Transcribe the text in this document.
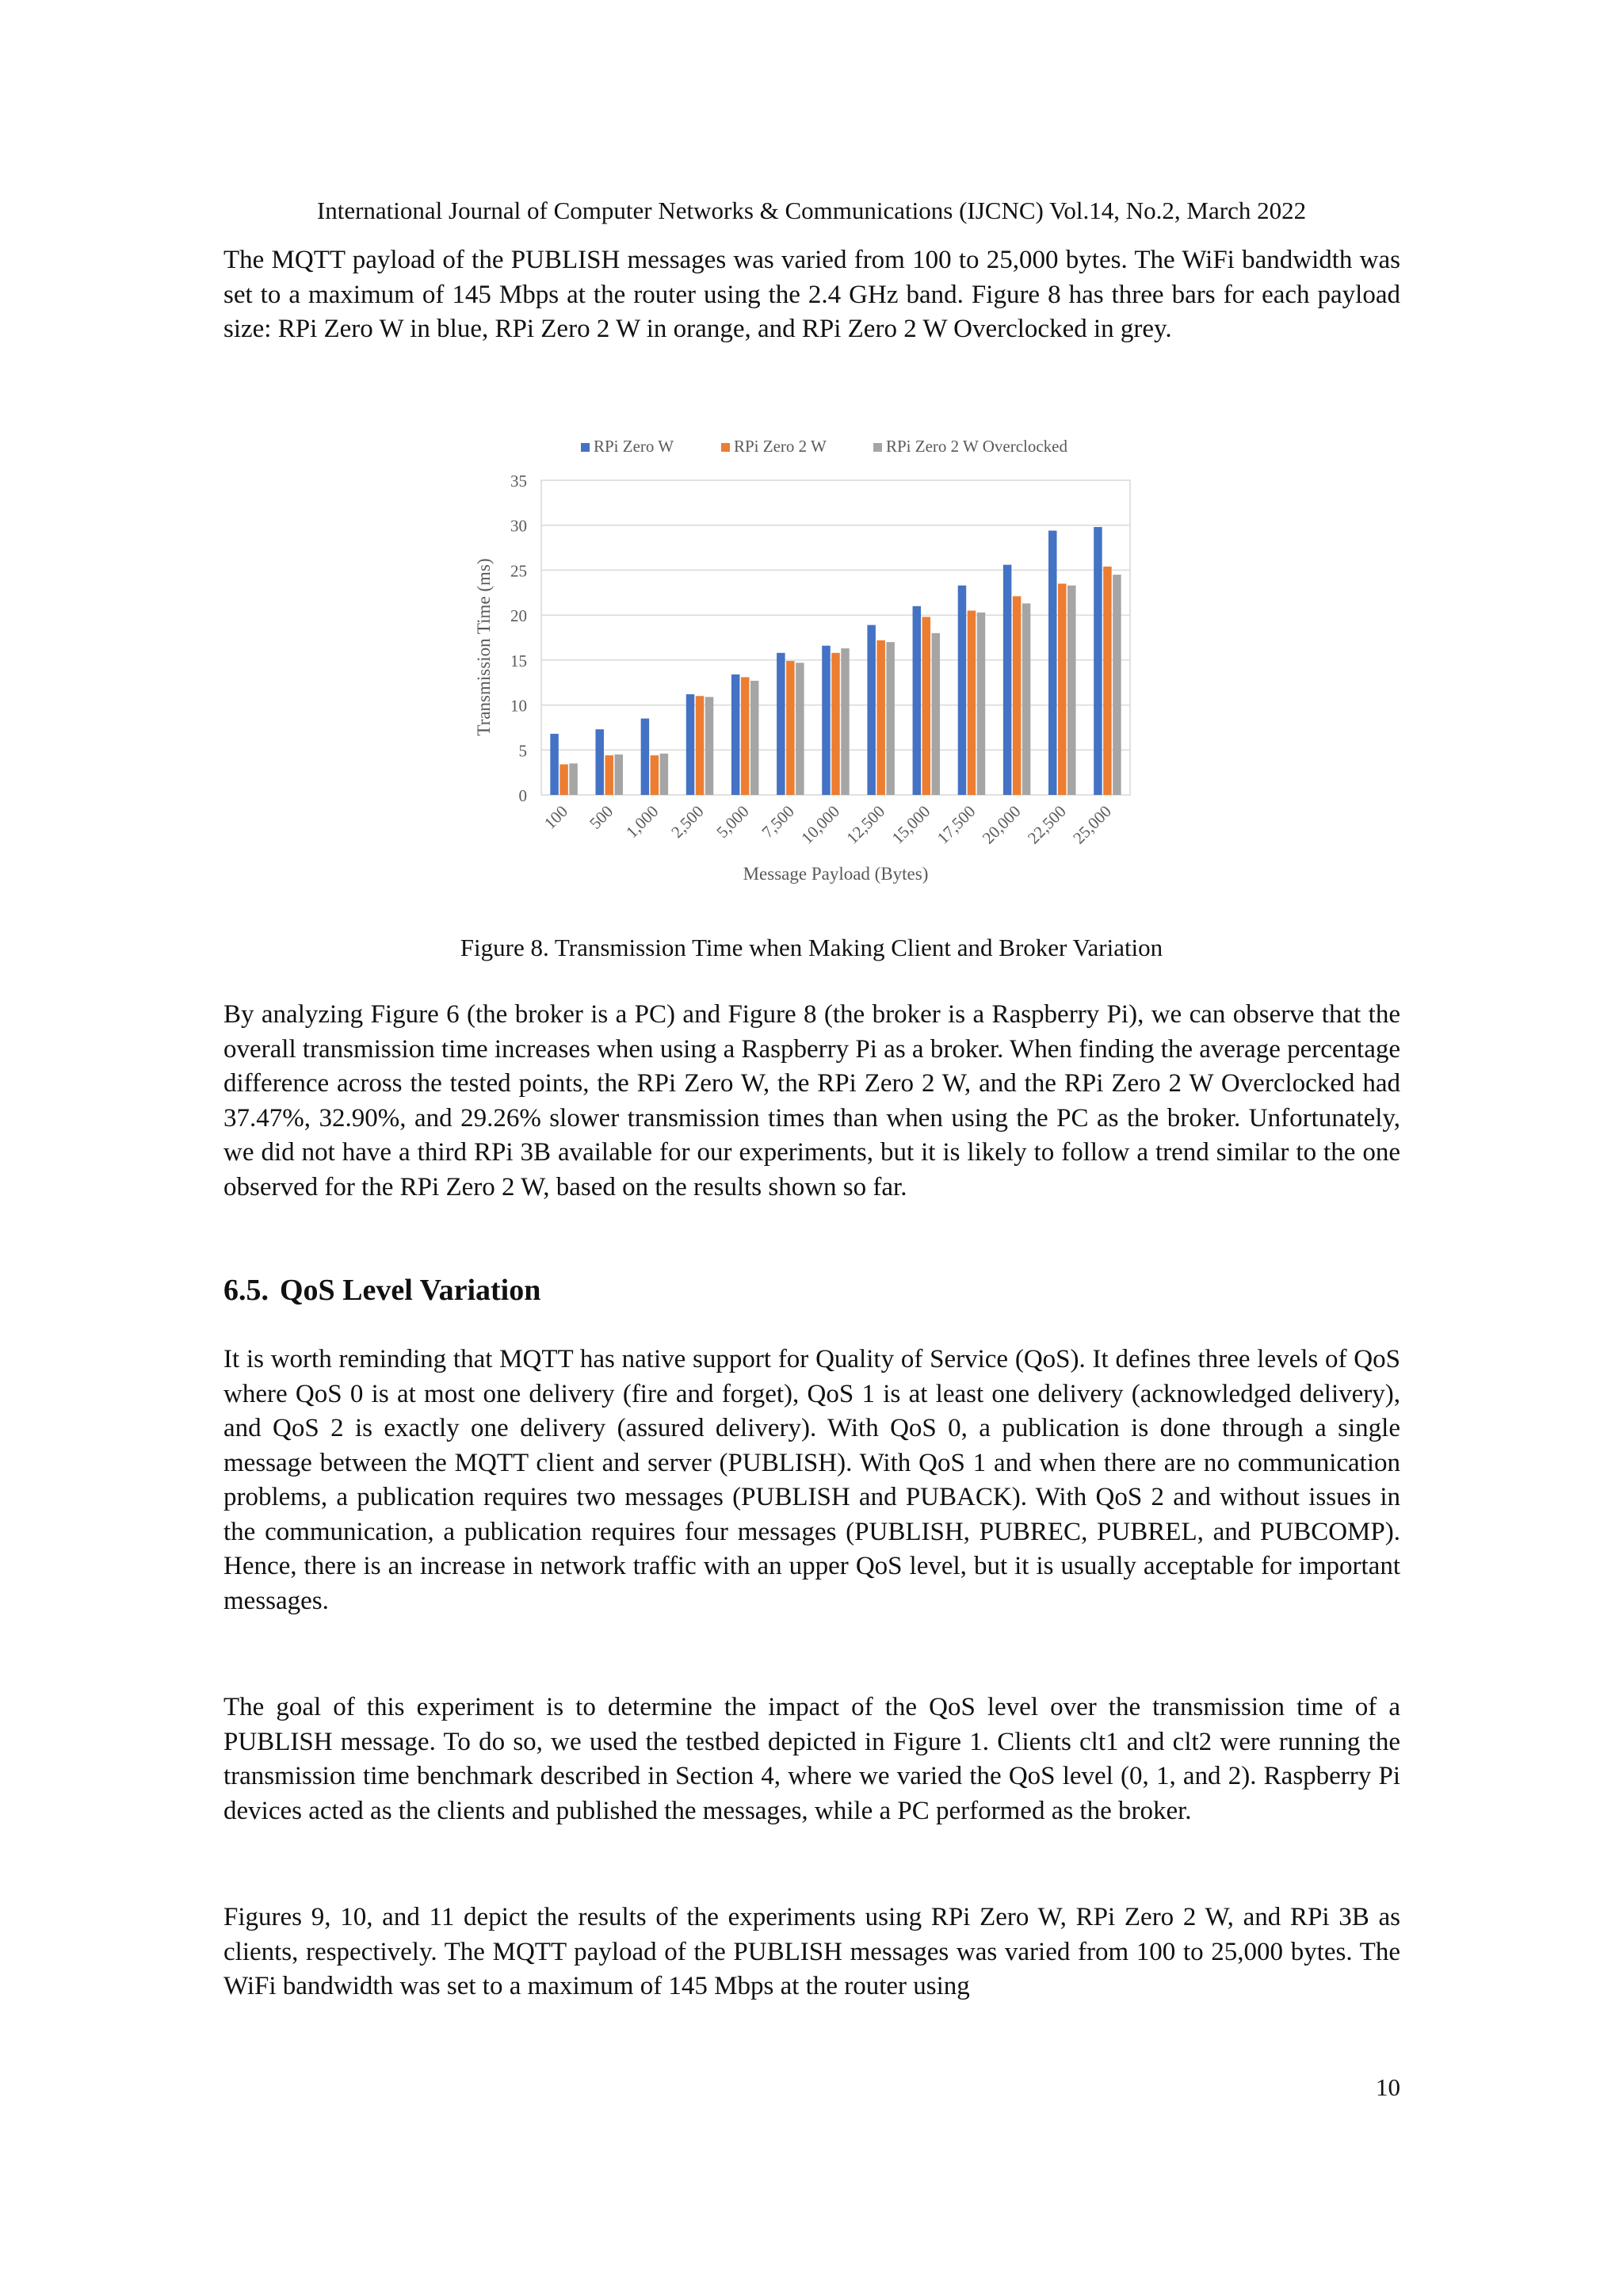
International Journal of Computer Networks & Communications (IJCNC) Vol.14, No.2, March 2022

The MQTT payload of the PUBLISH messages was varied from 100 to 25,000 bytes. The WiFi bandwidth was set to a maximum of 145 Mbps at the router using the 2.4 GHz band. Figure 8 has three bars for each payload size: RPi Zero W in blue, RPi Zero 2 W in orange, and RPi Zero 2 W Overclocked in grey.

0
5
10
15
20
25
30
35
100 500 1,000 2,500 5,000 7,500 10,000 12,500 15,000 17,500 20,000 22,500 25,000
Message Payload (Bytes)
Transmission Time (ms)
RPi Zero W	RPi Zero 2 W	RPi Zero 2 W Overclocked
Figure 8. Transmission Time when Making Client and Broker Variation

By analyzing Figure 6 (the broker is a PC) and Figure 8 (the broker is a Raspberry Pi), we can observe that the overall transmission time increases when using a Raspberry Pi as a broker. When finding the average percentage difference across the tested points, the RPi Zero W, the RPi Zero 2 W, and the RPi Zero 2 W Overclocked had 37.47%, 32.90%, and 29.26% slower transmission times than when using the PC as the broker. Unfortunately, we did not have a third RPi 3B available for our experiments, but it is likely to follow a trend similar to the one observed for the RPi Zero 2 W, based on the results shown so far.

6.5. QoS Level Variation

It is worth reminding that MQTT has native support for Quality of Service (QoS). It defines three levels of QoS where QoS 0 is at most one delivery (fire and forget), QoS 1 is at least one delivery (acknowledged delivery), and QoS 2 is exactly one delivery (assured delivery). With QoS 0, a publication is done through a single message between the MQTT client and server (PUBLISH). With QoS 1 and when there are no communication problems, a publication requires two messages (PUBLISH and PUBACK). With QoS 2 and without issues in the communication, a publication requires four messages (PUBLISH, PUBREC, PUBREL, and PUBCOMP). Hence, there is an increase in network traffic with an upper QoS level, but it is usually acceptable for important messages.

The goal of this experiment is to determine the impact of the QoS level over the transmission time of a PUBLISH message. To do so, we used the testbed depicted in Figure 1. Clients clt1 and clt2 were running the transmission time benchmark described in Section 4, where we varied the QoS level (0, 1, and 2). Raspberry Pi devices acted as the clients and published the messages, while a PC performed as the broker.

Figures 9, 10, and 11 depict the results of the experiments using RPi Zero W, RPi Zero 2 W, and RPi 3B as clients, respectively. The MQTT payload of the PUBLISH messages was varied from 100 to 25,000 bytes. The WiFi bandwidth was set to a maximum of 145 Mbps at the router using

10
